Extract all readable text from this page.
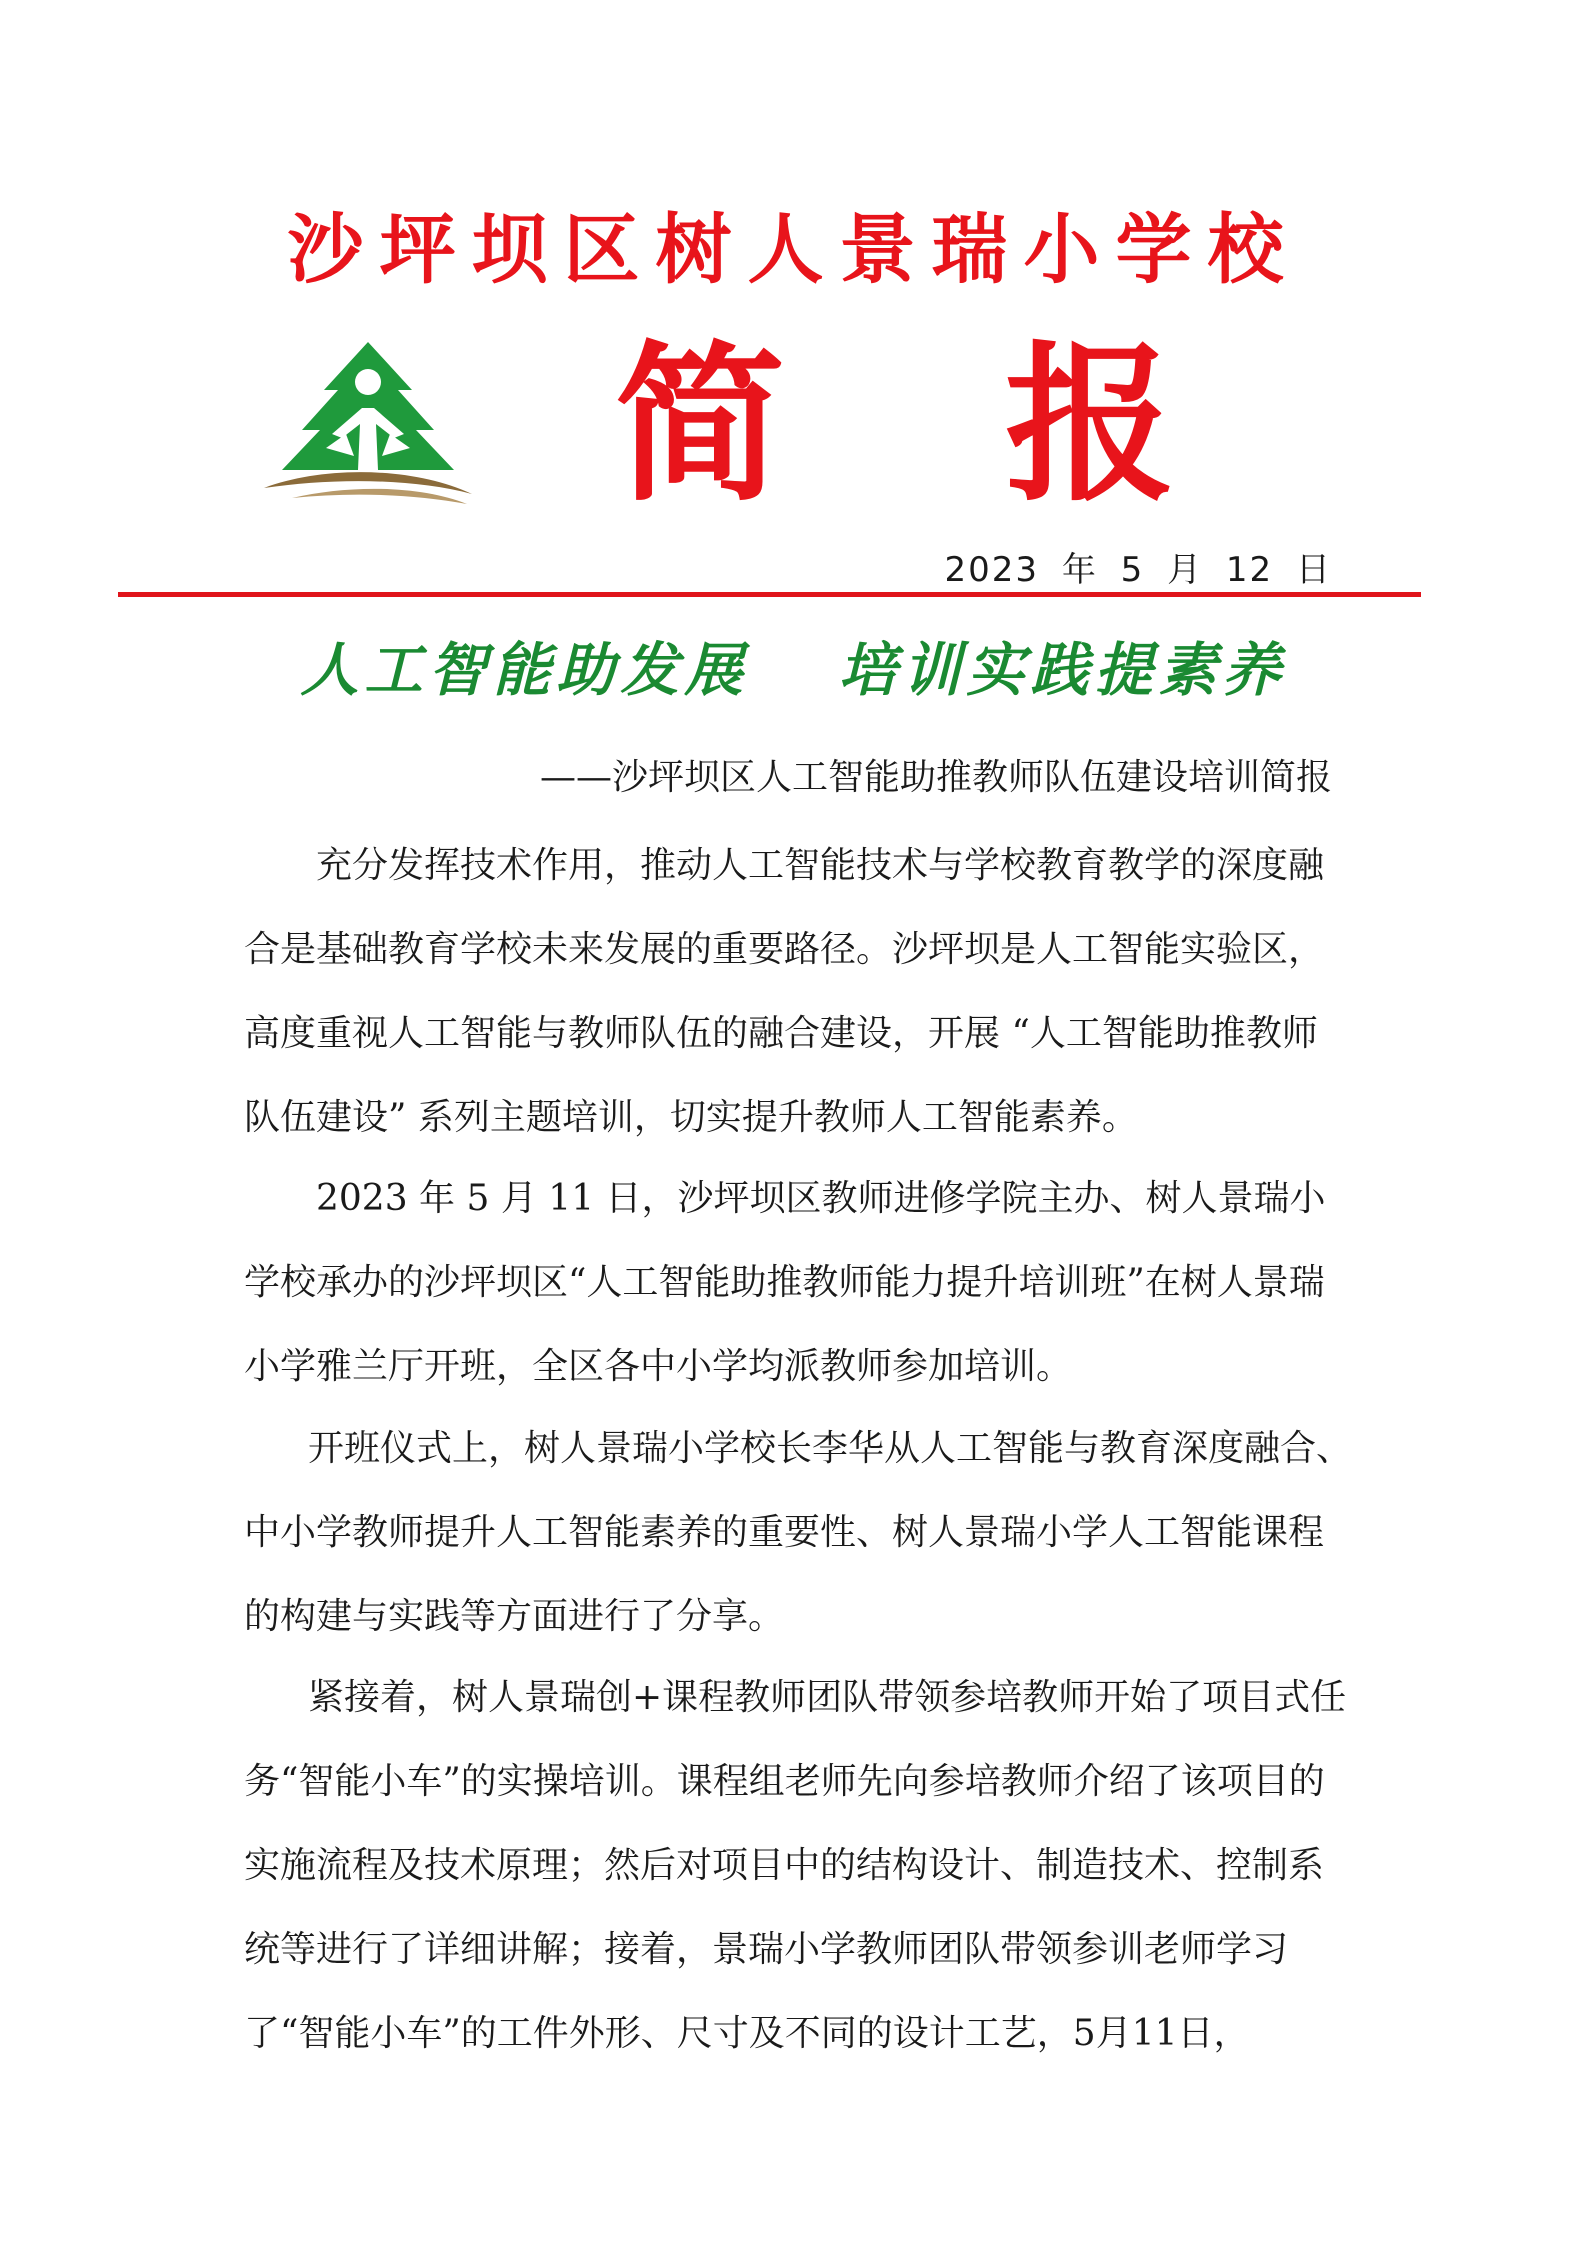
沙坪坝区树人景瑞小学校
简 报
2023 年 5 月 12 日
人工智能助发展 培训实践提素养
——沙坪坝区人工智能助推教师队伍建设培训简报

充分发挥技术作用，推动人工智能技术与学校教育教学的深度融合是基础教育学校未来发展的重要路径。沙坪坝是人工智能实验区，高度重视人工智能与教师队伍的融合建设，开展 “人工智能助推教师队伍建设” 系列主题培训，切实提升教师人工智能素养。

2023 年 5 月 11 日，沙坪坝区教师进修学院主办、树人景瑞小学校承办的沙坪坝区“人工智能助推教师能力提升培训班”在树人景瑞小学雅兰厅开班，全区各中小学均派教师参加培训。

开班仪式上，树人景瑞小学校长李华从人工智能与教育深度融合、中小学教师提升人工智能素养的重要性、树人景瑞小学人工智能课程的构建与实践等方面进行了分享。

紧接着，树人景瑞创+课程教师团队带领参培教师开始了项目式任务“智能小车”的实操培训。课程组老师先向参培教师介绍了该项目的实施流程及技术原理；然后对项目中的结构设计、制造技术、控制系统等进行了详细讲解；接着，景瑞小学教师团队带领参训老师学习了“智能小车”的工件外形、尺寸及不同的设计工艺，5月11日，
